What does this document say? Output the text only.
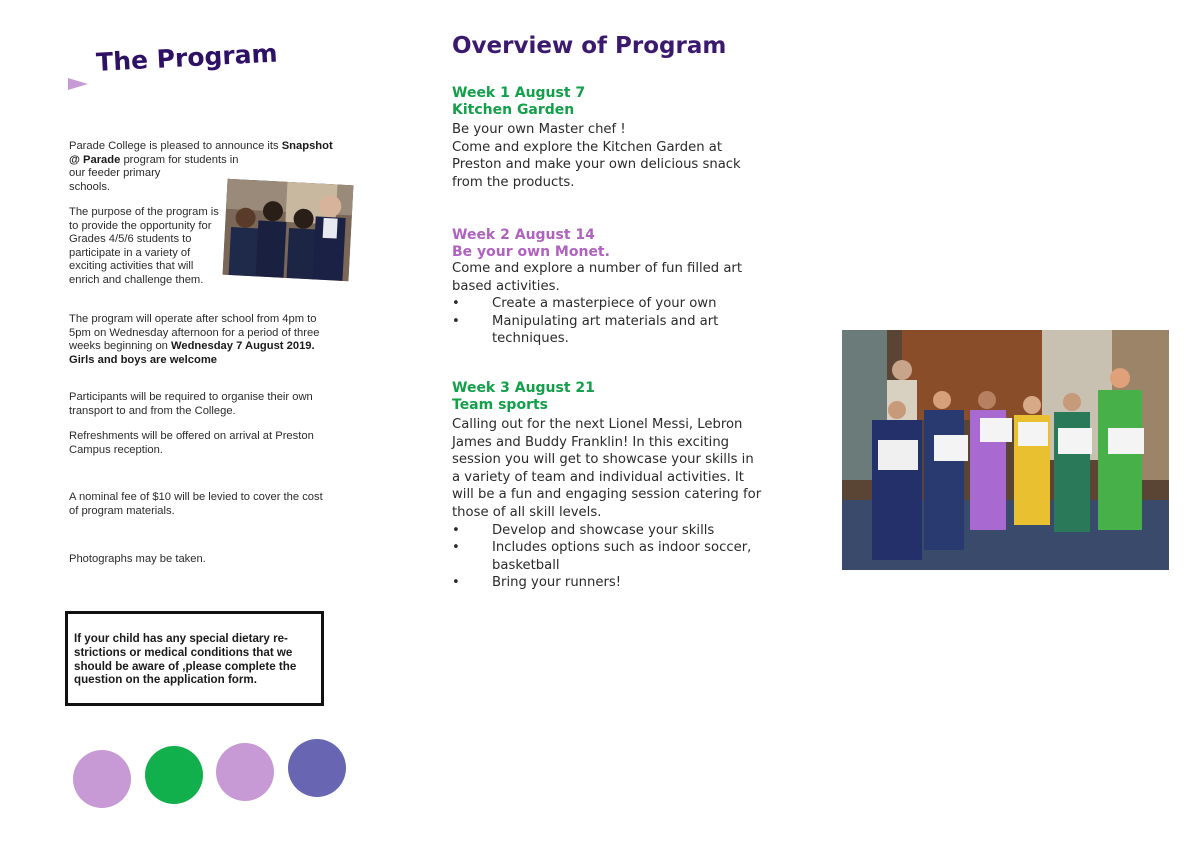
The Program
Parade College is pleased to announce its Snapshot @ Parade program for students in
our feeder primary
schools.
The purpose of the program is to provide the opportunity for Grades 4/5/6 students to participate in a variety of exciting activities that will enrich and challenge them.
The program will operate after school from 4pm to 5pm on Wednesday afternoon for a period of three weeks beginning on Wednesday 7 August 2019. Girls and boys are welcome
Participants will be required to organise their own transport to and from the College.
Refreshments will be offered on arrival at Preston Campus reception.
A nominal fee of $10 will be levied to cover the cost of program materials.
Photographs may be taken.
If your child has any special dietary re-strictions or medical conditions that we should be aware of ,please complete the question on the application form.
Overview of Program
Week 1 August 7
Kitchen Garden
Be your own Master chef !
Come and explore the Kitchen Garden at Preston and make your own delicious snack from the products.
Week 2 August 14
Be your own Monet.
Come and explore a number of fun filled art based activities.
• Create a masterpiece of your own
• Manipulating art materials and art techniques.
Week 3 August 21
Team sports
Calling out for the next Lionel Messi, Lebron James and Buddy Franklin! In this exciting session you will get to showcase your skills in a variety of team and individual activities. It will be a fun and engaging session catering for those of all skill levels.
• Develop and showcase your skills
• Includes options such as indoor soccer, basketball
• Bring your runners!
